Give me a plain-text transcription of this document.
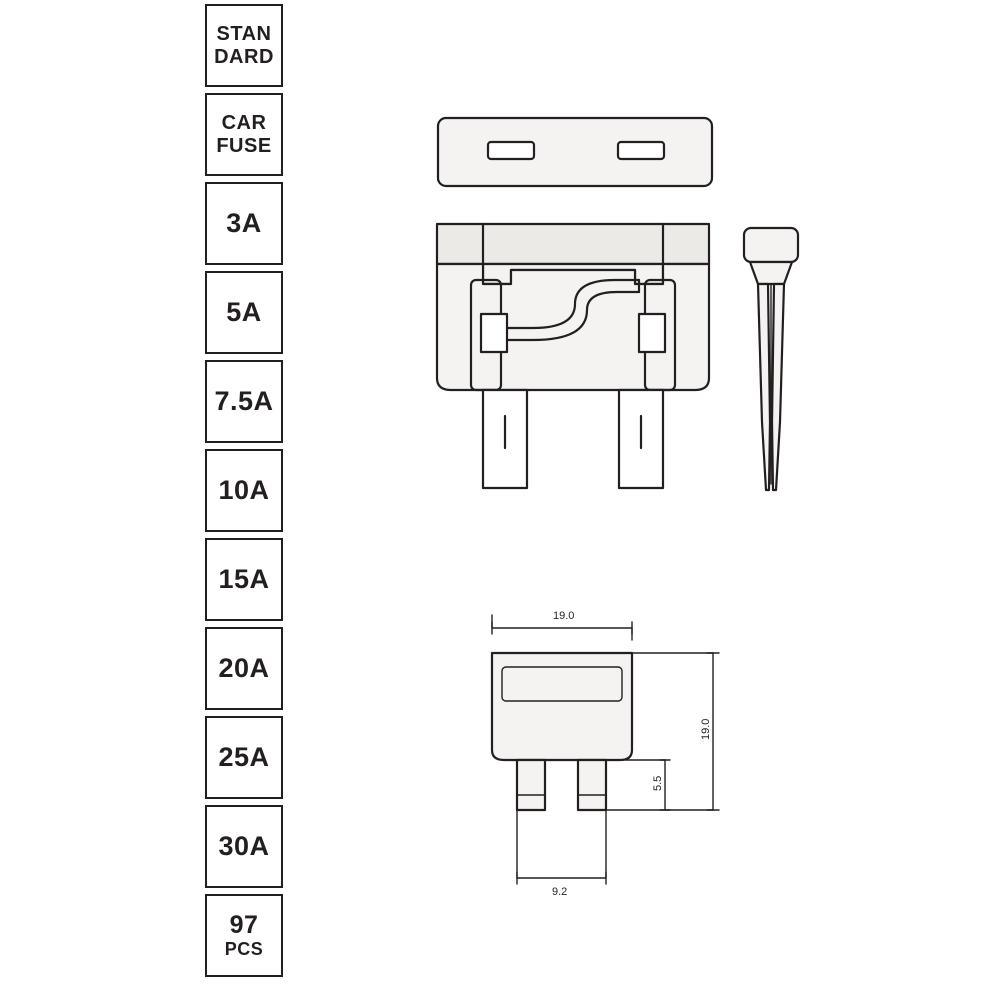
STAN
DARD
CAR
FUSE
3A
5A
7.5A
10A
15A
20A
25A
30A
97
PCS
19.0
19.0
5.5
9.2
